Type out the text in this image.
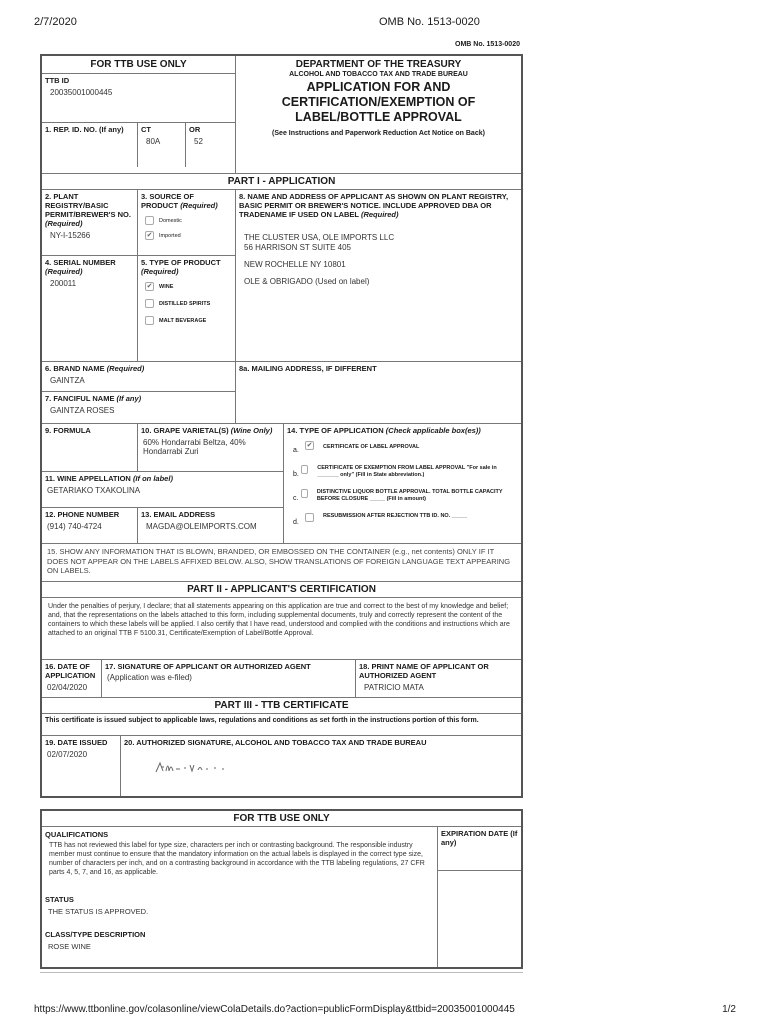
2/7/2020	OMB No. 1513-0020
OMB No. 1513-0020
FOR TTB USE ONLY
TTB ID
20035001000445
1. REP. ID. NO. (If any)	CT
80A
OR
52
DEPARTMENT OF THE TREASURY
ALCOHOL AND TOBACCO TAX AND TRADE BUREAU
APPLICATION FOR AND CERTIFICATION/EXEMPTION OF LABEL/BOTTLE APPROVAL
(See Instructions and Paperwork Reduction Act Notice on Back)
PART I - APPLICATION
2. PLANT REGISTRY/BASIC PERMIT/BREWER'S NO. (Required)
NY-I-15266
3. SOURCE OF PRODUCT (Required)
Domestic
✔ Imported
4. SERIAL NUMBER (Required)
200011
5. TYPE OF PRODUCT (Required)
✔ WINE
DISTILLED SPIRITS
MALT BEVERAGE
8. NAME AND ADDRESS OF APPLICANT AS SHOWN ON PLANT REGISTRY, BASIC PERMIT OR BREWER'S NOTICE. INCLUDE APPROVED DBA OR TRADENAME IF USED ON LABEL (Required)
THE CLUSTER USA, OLE IMPORTS LLC
56 HARRISON ST SUITE 405
NEW ROCHELLE NY 10801
OLE & OBRIGADO (Used on label)
6. BRAND NAME (Required)
GAINTZA
7. FANCIFUL NAME (If any)
GAINTZA ROSES
8a. MAILING ADDRESS, IF DIFFERENT
9. FORMULA	10. GRAPE VARIETAL(S) (Wine Only)
60% Hondarrabi Beltza, 40% Hondarrabi Zuri
11. WINE APPELLATION (If on label)
GETARIAKO TXAKOLINA
12. PHONE NUMBER
(914) 740-4724
13. EMAIL ADDRESS
MAGDA@OLEIMPORTS.COM
14. TYPE OF APPLICATION (Check applicable box(es))
a.
✔ CERTIFICATE OF LABEL APPROVAL
b.
CERTIFICATE OF EXEMPTION FROM LABEL APPROVAL "For sale in _______ only" (Fill in State abbreviation.)
c.
DISTINCTIVE LIQUOR BOTTLE APPROVAL. TOTAL BOTTLE CAPACITY BEFORE CLOSURE _____ (Fill in amount)
d.
RESUBMISSION AFTER REJECTION TTB ID. NO. _____
15. SHOW ANY INFORMATION THAT IS BLOWN, BRANDED, OR EMBOSSED ON THE CONTAINER (e.g., net contents) ONLY IF IT DOES NOT APPEAR ON THE LABELS AFFIXED BELOW. ALSO, SHOW TRANSLATIONS OF FOREIGN LANGUAGE TEXT APPEARING ON LABELS.
PART II - APPLICANT'S CERTIFICATION
Under the penalties of perjury, I declare; that all statements appearing on this application are true and correct to the best of my knowledge and belief; and, that the representations on the labels attached to this form, including supplemental documents, truly and correctly represent the content of the containers to which these labels will be applied. I also certify that I have read, understood and complied with the conditions and instructions which are attached to an original TTB F 5100.31, Certificate/Exemption of Label/Bottle Approval.
16. DATE OF APPLICATION
02/04/2020
17. SIGNATURE OF APPLICANT OR AUTHORIZED AGENT
(Application was e-filed)
18. PRINT NAME OF APPLICANT OR AUTHORIZED AGENT
PATRICIO MATA
PART III - TTB CERTIFICATE
This certificate is issued subject to applicable laws, regulations and conditions as set forth in the instructions portion of this form.
19. DATE ISSUED
02/07/2020
20. AUTHORIZED SIGNATURE, ALCOHOL AND TOBACCO TAX AND TRADE BUREAU
FOR TTB USE ONLY
QUALIFICATIONS
TTB has not reviewed this label for type size, characters per inch or contrasting background. The responsible industry member must continue to ensure that the mandatory information on the actual labels is displayed in the correct type size, number of characters per inch, and on a contrasting background in accordance with the TTB labeling regulations, 27 CFR parts 4, 5, 7, and 16, as applicable.
STATUS
THE STATUS IS APPROVED.
CLASS/TYPE DESCRIPTION
ROSE WINE
EXPIRATION DATE (If any)
https://www.ttbonline.gov/colasonline/viewColaDetails.do?action=publicFormDisplay&ttbid=20035001000445	1/2
